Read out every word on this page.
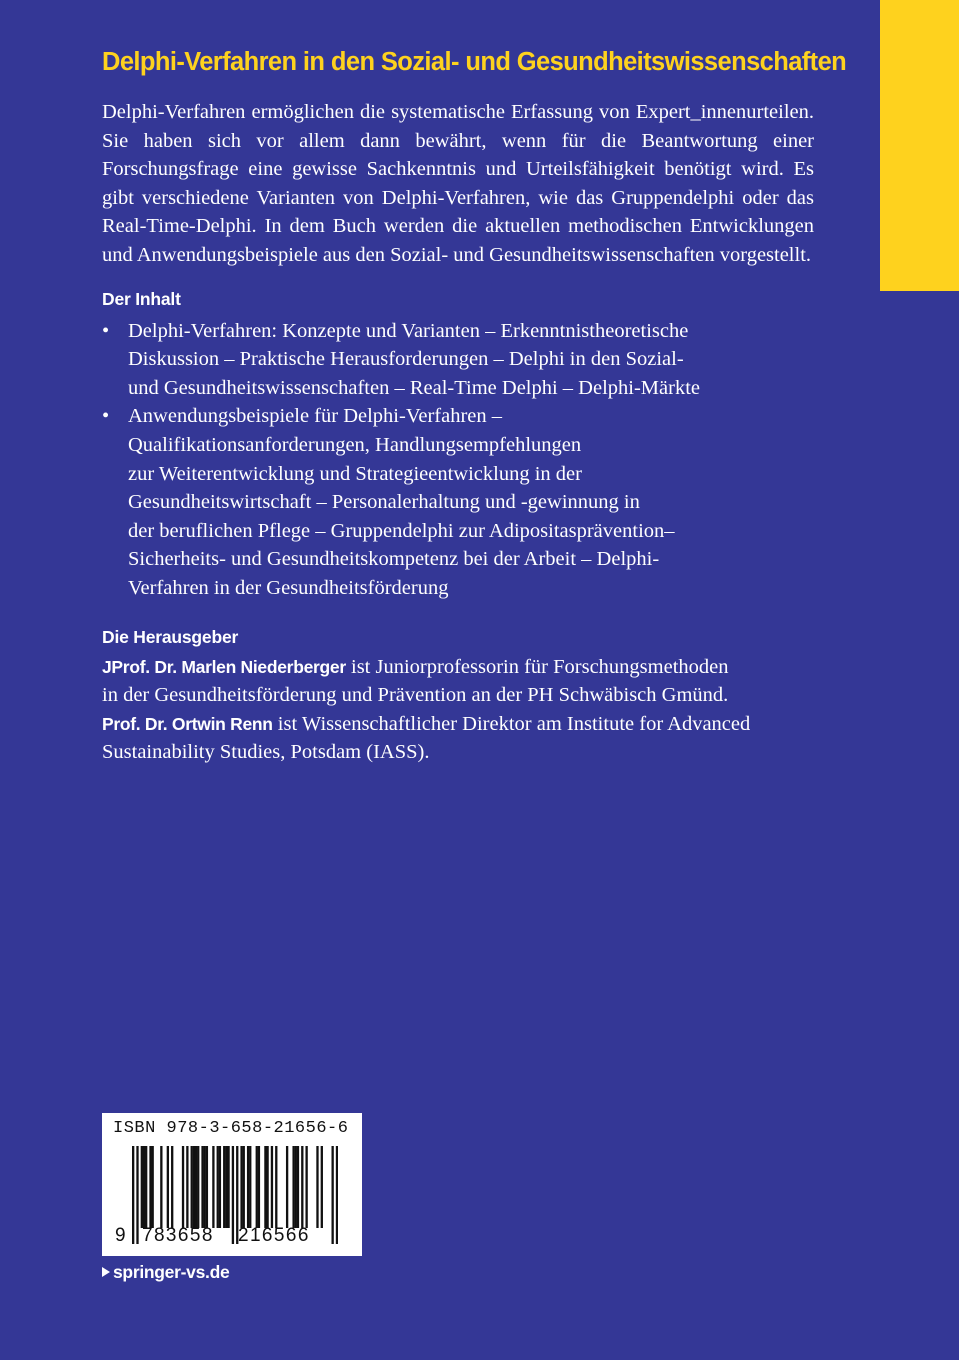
Delphi-Verfahren in den Sozial- und Gesundheitswissenschaften

Delphi-Verfahren ermöglichen die systematische Erfassung von Expert_​innenurteilen. Sie haben sich vor allem dann bewährt, wenn für die Beantwortung einer Forschungsfrage eine gewisse Sachkenntnis und Urteilsfähigkeit benötigt wird. Es gibt verschiedene Varianten von Delphi-Verfahren, wie das Gruppendelphi oder das Real-Time-Delphi. In dem Buch werden die aktuellen methodischen Entwicklungen und Anwendungsbeispiele aus den Sozial- und Gesundheitswissenschaften vorgestellt.

Der Inhalt
• Delphi-Verfahren: Konzepte und Varianten – Erkenntnistheoretische
Diskussion – Praktische Herausforderungen – Delphi in den Sozial-
und Gesundheitswissenschaften – Real-Time Delphi – Delphi-Märkte
• Anwendungsbeispiele für Delphi-Verfahren –
Qualifikationsanforderungen, Handlungsempfehlungen
zur Weiterentwicklung und Strategieentwicklung in der
Gesundheitswirtschaft – Personalerhaltung und -gewinnung in
der beruflichen Pflege – Gruppendelphi zur Adipositasprävention–
Sicherheits- und Gesundheitskompetenz bei der Arbeit – Delphi-
Verfahren in der Gesundheitsförderung
Die Herausgeber

JProf. Dr. Marlen Niederberger ist Juniorprofessorin für Forschungsmethoden
in der Gesundheitsförderung und Prävention an der PH Schwäbisch Gmünd.

Prof. Dr. Ortwin Renn ist Wissenschaftlicher Direktor am Institute for Advanced
Sustainability Studies, Potsdam (IASS).

ISBN 978-3-658-21656-6
9 783658 216566
springer-vs.de
